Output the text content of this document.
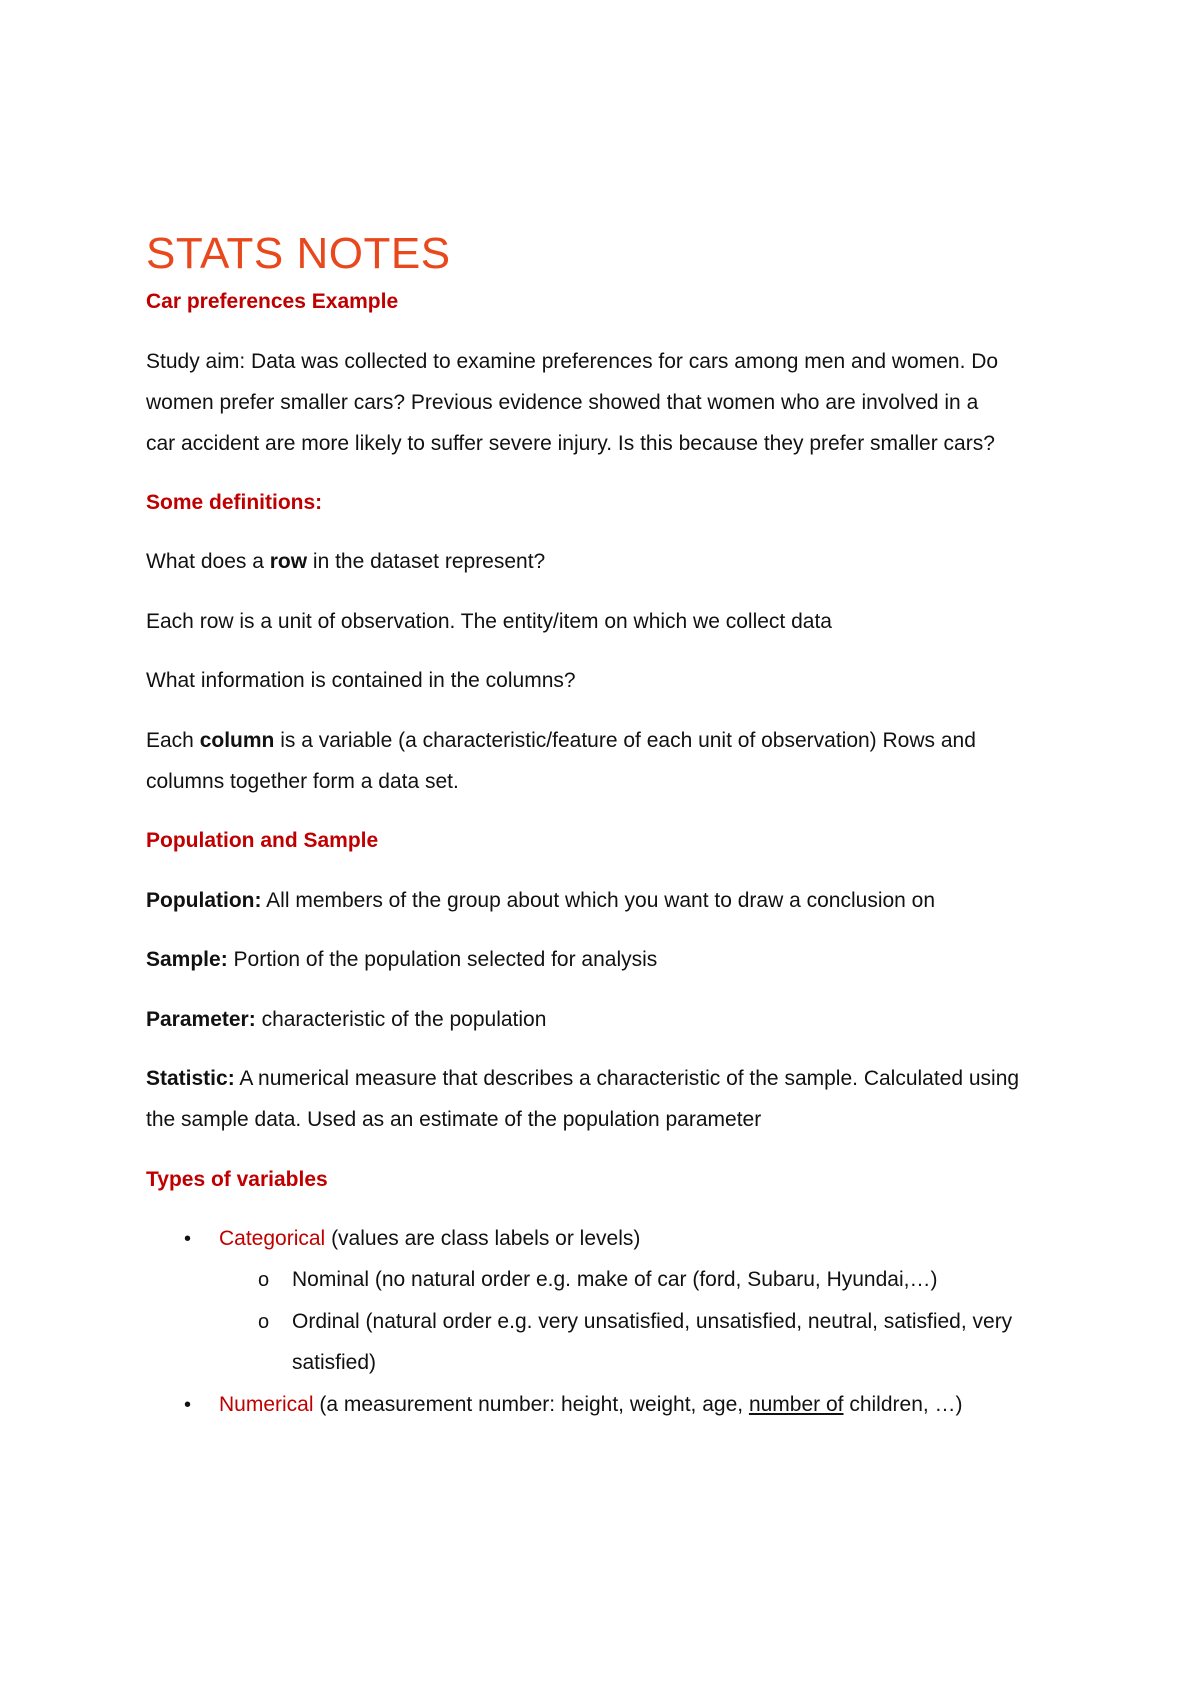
STATS NOTES
Car preferences Example
Study aim: Data was collected to examine preferences for cars among men and women. Do
women prefer smaller cars? Previous evidence showed that women who are involved in a
car accident are more likely to suffer severe injury. Is this because they prefer smaller cars?
Some definitions:
What does a row in the dataset represent?
Each row is a unit of observation. The entity/item on which we collect data
What information is contained in the columns?
Each column is a variable (a characteristic/feature of each unit of observation) Rows and
columns together form a data set.
Population and Sample
Population: All members of the group about which you want to draw a conclusion on
Sample: Portion of the population selected for analysis
Parameter: characteristic of the population
Statistic: A numerical measure that describes a characteristic of the sample. Calculated using
the sample data. Used as an estimate of the population parameter
Types of variables
• Categorical (values are class labels or levels)
o Nominal (no natural order e.g. make of car (ford, Subaru, Hyundai,…)
o Ordinal (natural order e.g. very unsatisfied, unsatisfied, neutral, satisfied, very
satisfied)
• Numerical (a measurement number: height, weight, age, number of children, …)
